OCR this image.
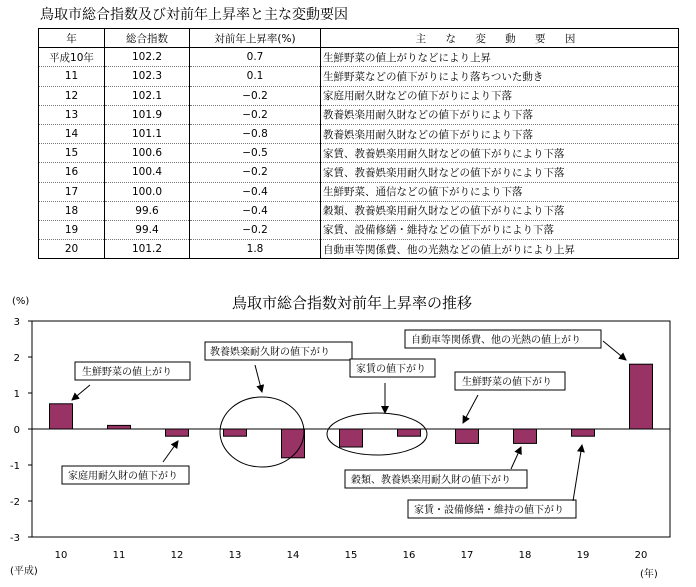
鳥取市総合指数及び対前年上昇率と主な変動要因
年	総合指数	対前年上昇率(%)	主 な 変 動 要 因
平成10年	102.2	0.7	生鮮野菜の値上がりなどにより上昇
11	102.3	0.1	生鮮野菜などの値下がりにより落ちついた動き
12	102.1	−0.2	家庭用耐久財などの値下がりにより下落
13	101.9	−0.2	教養娯楽用耐久財などの値下がりにより下落
14	101.1	−0.8	教養娯楽用耐久財などの値下がりにより下落
15	100.6	−0.5	家賃、教養娯楽用耐久財などの値下がりにより下落
16	100.4	−0.2	家賃、教養娯楽用耐久財などの値下がりにより下落
17	100.0	−0.4	生鮮野菜、通信などの値下がりにより下落
18	99.6	−0.4	穀類、教養娯楽用耐久財などの値下がりにより下落
19	99.4	−0.2	家賃、設備修繕・維持などの値下がりにより下落
20	101.2	1.8	自動車等関係費、他の光熱などの値上がりにより上昇
鳥取市総合指数対前年上昇率の推移
(%)
(平成)	(年)
3
2
1
0
-1
-2
-3
10	11	12	13	14	15	16	17	18	19	20
生鮮野菜の値上がり
家庭用耐久財の値下がり
教養娯楽耐久財の値下がり
家賃の値下がり
生鮮野菜の値下がり
穀類、教養娯楽用耐久財の値下がり
家賃・設備修繕・維持の値下がり
自動車等関係費、他の光熱の値上がり
